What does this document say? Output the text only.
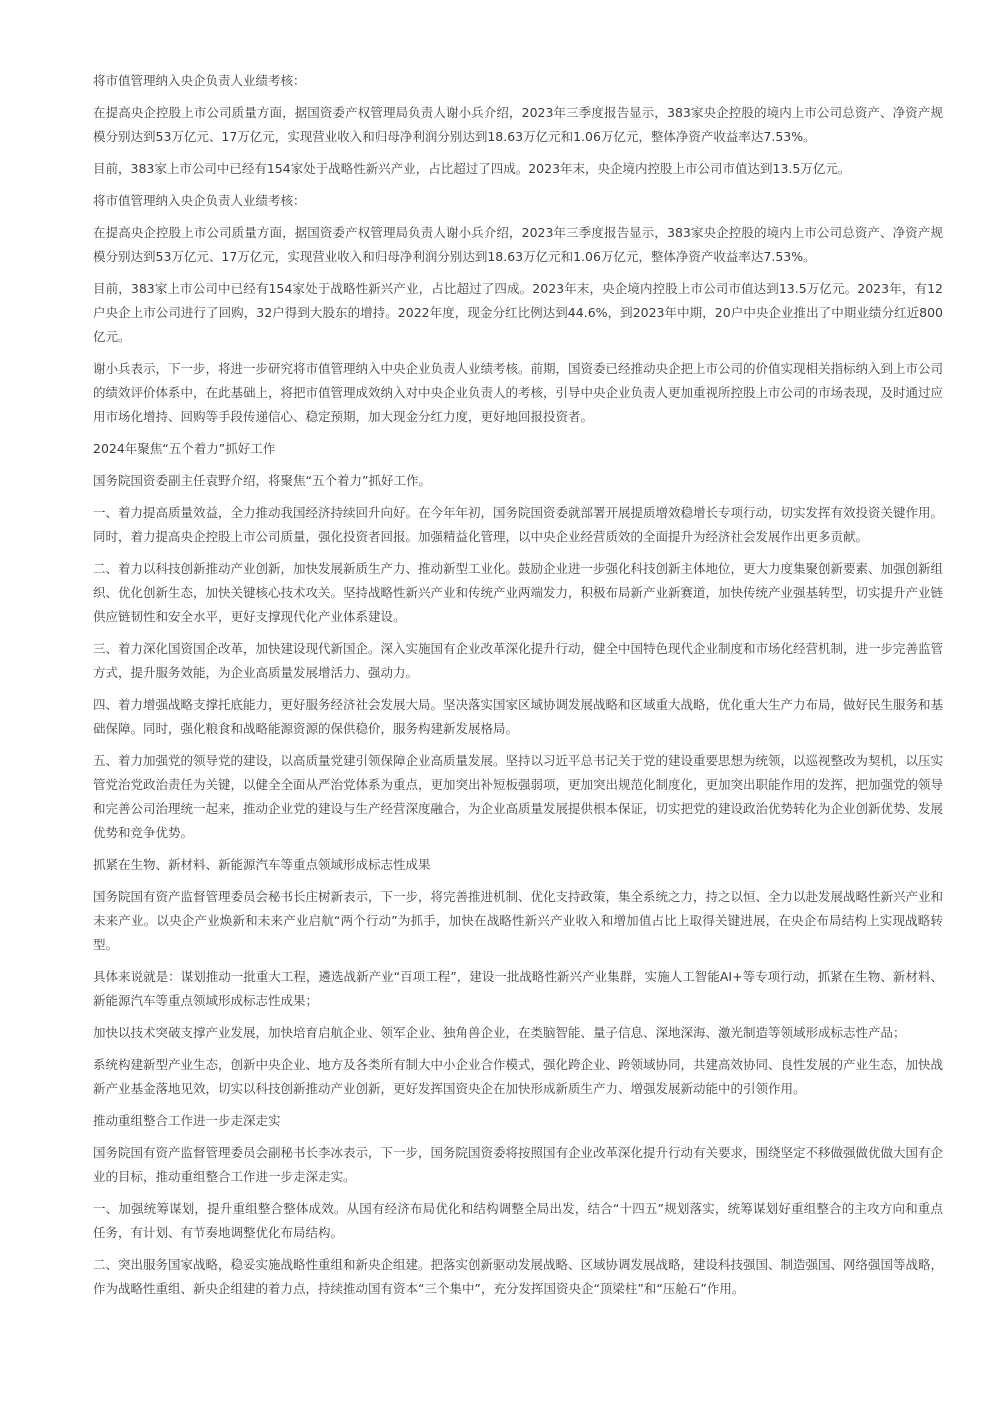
将市值管理纳入央企负责人业绩考核：

在提高央企控股上市公司质量方面，据国资委产权管理局负责人谢小兵介绍，2023年三季度报告显示，383家央企控股的境内上市公司总资产、净资产规模分别达到53万亿元、17万亿元，实现营业收入和归母净利润分别达到18.63万亿元和1.06万亿元，整体净资产收益率达7.53%。

目前，383家上市公司中已经有154家处于战略性新兴产业，占比超过了四成。2023年末，央企境内控股上市公司市值达到13.5万亿元。

将市值管理纳入央企负责人业绩考核：

在提高央企控股上市公司质量方面，据国资委产权管理局负责人谢小兵介绍，2023年三季度报告显示，383家央企控股的境内上市公司总资产、净资产规模分别达到53万亿元、17万亿元，实现营业收入和归母净利润分别达到18.63万亿元和1.06万亿元，整体净资产收益率达7.53%。

目前，383家上市公司中已经有154家处于战略性新兴产业，占比超过了四成。2023年末，央企境内控股上市公司市值达到13.5万亿元。2023年，有12户央企上市公司进行了回购，32户得到大股东的增持。2022年度，现金分红比例达到44.6%，到2023年中期，20户中央企业推出了中期业绩分红近800亿元。

谢小兵表示，下一步，将进一步研究将市值管理纳入中央企业负责人业绩考核。前期，国资委已经推动央企把上市公司的价值实现相关指标纳入到上市公司的绩效评价体系中，在此基础上，将把市值管理成效纳入对中央企业负责人的考核，引导中央企业负责人更加重视所控股上市公司的市场表现，及时通过应用市场化增持、回购等手段传递信心、稳定预期，加大现金分红力度，更好地回报投资者。

2024年聚焦“五个着力”抓好工作

国务院国资委副主任袁野介绍，将聚焦“五个着力”抓好工作。

一、着力提高质量效益，全力推动我国经济持续回升向好。在今年年初，国务院国资委就部署开展提质增效稳增长专项行动，切实发挥有效投资关键作用。同时，着力提高央企控股上市公司质量，强化投资者回报。加强精益化管理，以中央企业经营质效的全面提升为经济社会发展作出更多贡献。

二、着力以科技创新推动产业创新，加快发展新质生产力、推动新型工业化。鼓励企业进一步强化科技创新主体地位，更大力度集聚创新要素、加强创新组织、优化创新生态，加快关键核心技术攻关。坚持战略性新兴产业和传统产业两端发力，积极布局新产业新赛道，加快传统产业强基转型，切实提升产业链供应链韧性和安全水平，更好支撑现代化产业体系建设。

三、着力深化国资国企改革，加快建设现代新国企。深入实施国有企业改革深化提升行动，健全中国特色现代企业制度和市场化经营机制，进一步完善监管方式，提升服务效能，为企业高质量发展增活力、强动力。

四、着力增强战略支撑托底能力，更好服务经济社会发展大局。坚决落实国家区域协调发展战略和区域重大战略，优化重大生产力布局，做好民生服务和基础保障。同时，强化粮食和战略能源资源的保供稳价，服务构建新发展格局。

五、着力加强党的领导党的建设，以高质量党建引领保障企业高质量发展。坚持以习近平总书记关于党的建设重要思想为统领，以巡视整改为契机，以压实管党治党政治责任为关键，以健全全面从严治党体系为重点，更加突出补短板强弱项，更加突出规范化制度化，更加突出职能作用的发挥，把加强党的领导和完善公司治理统一起来，推动企业党的建设与生产经营深度融合，为企业高质量发展提供根本保证，切实把党的建设政治优势转化为企业创新优势、发展优势和竞争优势。

抓紧在生物、新材料、新能源汽车等重点领域形成标志性成果

国务院国有资产监督管理委员会秘书长庄树新表示，下一步，将完善推进机制、优化支持政策，集全系统之力，持之以恒、全力以赴发展战略性新兴产业和未来产业。以央企产业焕新和未来产业启航“两个行动”为抓手，加快在战略性新兴产业收入和增加值占比上取得关键进展，在央企布局结构上实现战略转型。

具体来说就是：谋划推动一批重大工程，遴选战新产业“百项工程”，建设一批战略性新兴产业集群，实施人工智能AI+等专项行动，抓紧在生物、新材料、新能源汽车等重点领域形成标志性成果；

加快以技术突破支撑产业发展，加快培育启航企业、领军企业、独角兽企业，在类脑智能、量子信息、深地深海、激光制造等领域形成标志性产品；

系统构建新型产业生态，创新中央企业、地方及各类所有制大中小企业合作模式，强化跨企业、跨领域协同，共建高效协同、良性发展的产业生态，加快战新产业基金落地见效，切实以科技创新推动产业创新，更好发挥国资央企在加快形成新质生产力、增强发展新动能中的引领作用。

推动重组整合工作进一步走深走实

国务院国有资产监督管理委员会副秘书长李冰表示，下一步，国务院国资委将按照国有企业改革深化提升行动有关要求，围绕坚定不移做强做优做大国有企业的目标，推动重组整合工作进一步走深走实。

一、加强统筹谋划，提升重组整合整体成效。从国有经济布局优化和结构调整全局出发，结合“十四五”规划落实，统筹谋划好重组整合的主攻方向和重点任务，有计划、有节奏地调整优化布局结构。

二、突出服务国家战略，稳妥实施战略性重组和新央企组建。把落实创新驱动发展战略、区域协调发展战略，建设科技强国、制造强国、网络强国等战略，作为战略性重组、新央企组建的着力点，持续推动国有资本“三个集中”，充分发挥国资央企“顶梁柱”和“压舱石”作用。
